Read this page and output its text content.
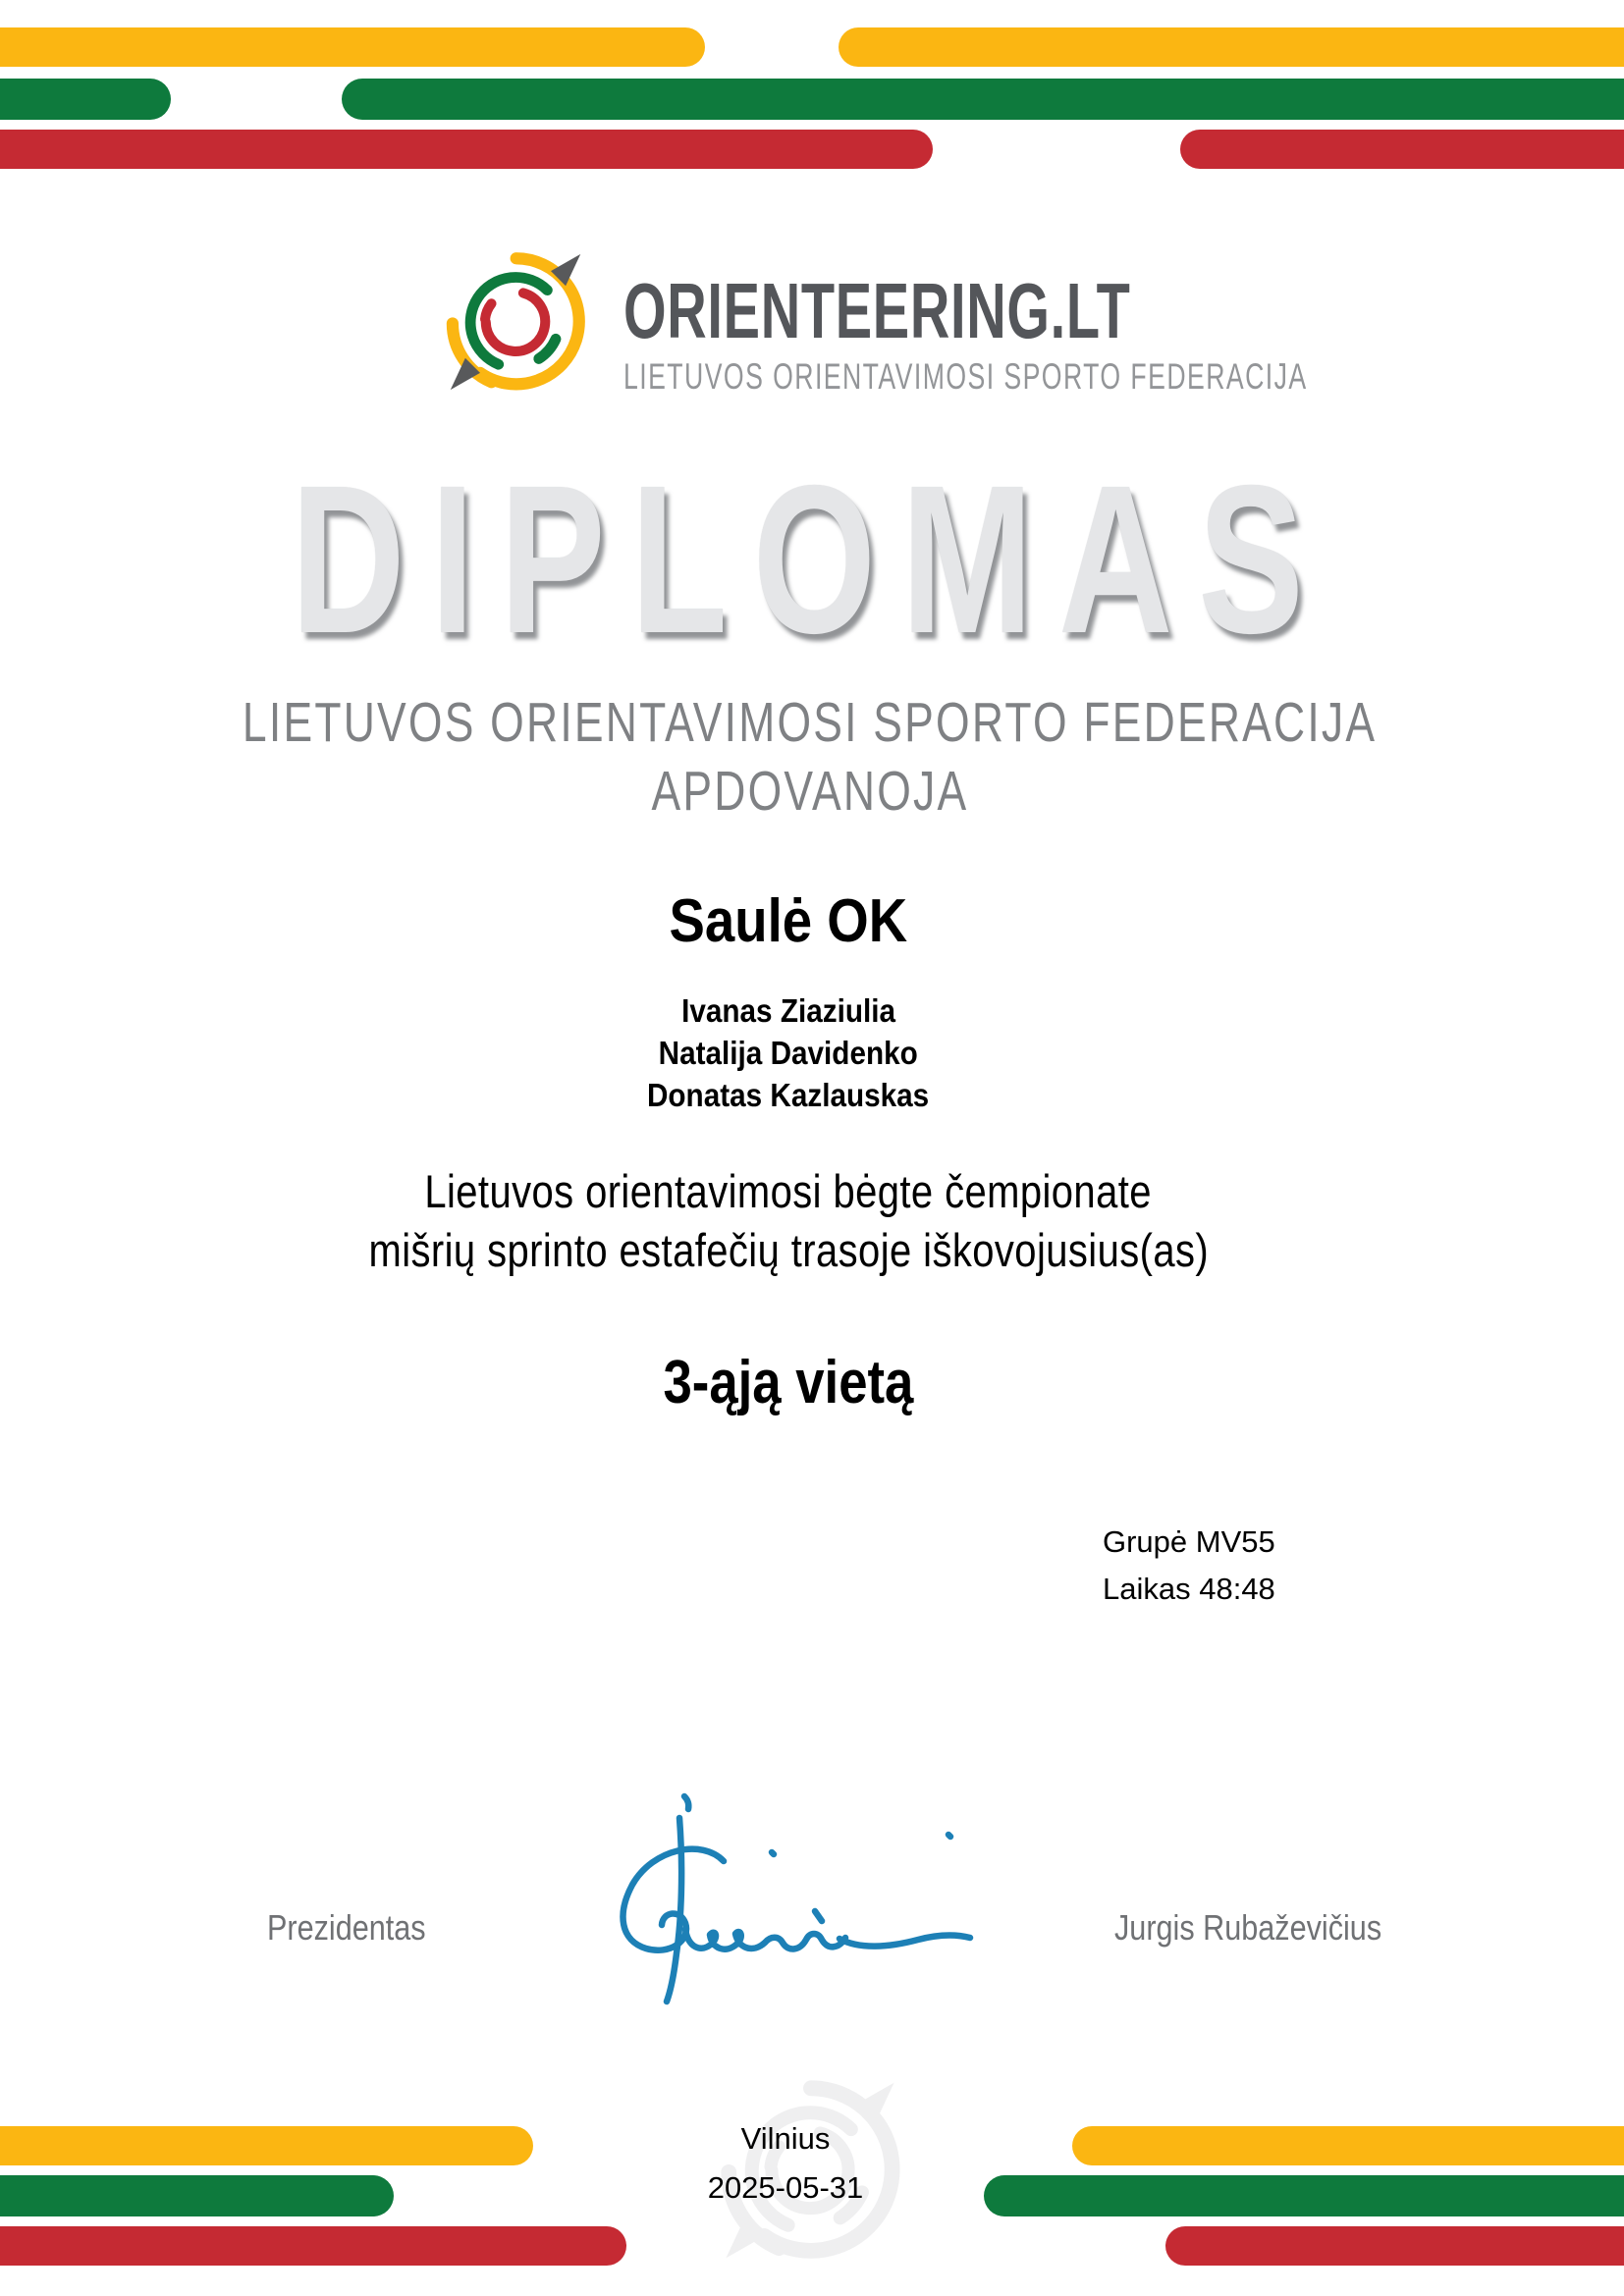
ORIENTEERING.LT
LIETUVOS ORIENTAVIMOSI SPORTO FEDERACIJA
DIPLOMAS
LIETUVOS ORIENTAVIMOSI SPORTO FEDERACIJA
APDOVANOJA
Saulė OK
Ivanas Ziaziulia
Natalija Davidenko
Donatas Kazlauskas
Lietuvos orientavimosi bėgte čempionate
mišrių sprinto estafečių trasoje iškovojusius(as)
3-ąją vietą
Grupė MV55
Laikas 48:48
Prezidentas	Jurgis Rubaževičius
Vilnius
2025-05-31
